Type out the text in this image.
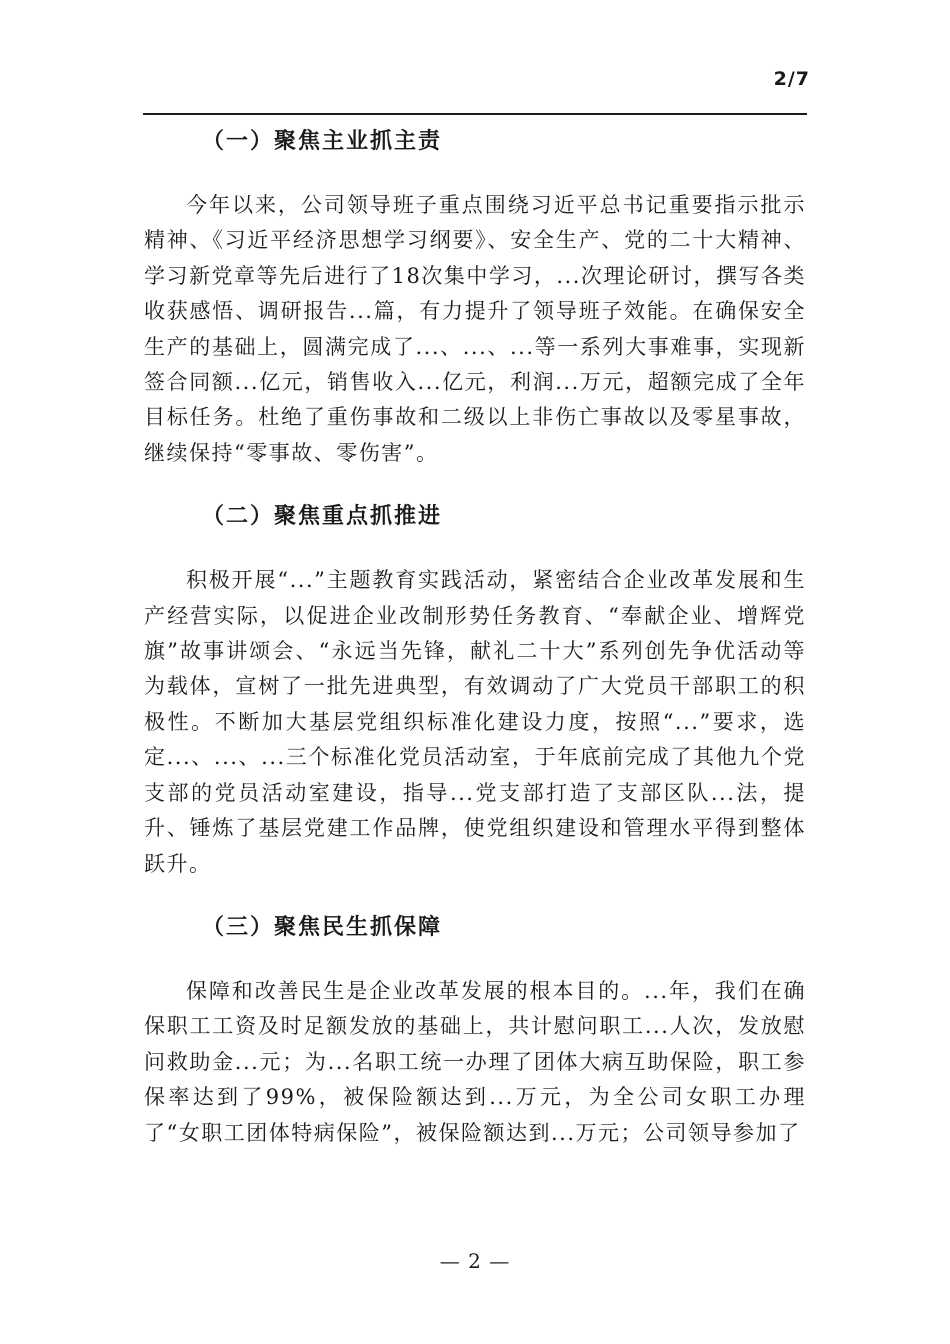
2/7
（一）聚焦主业抓主责

今年以来，公司领导班子重点围绕习近平总书记重要指示批示精神、《习近平经济思想学习纲要》、安全生产、党的二十大精神、学习新党章等先后进行了18次集中学习，...次理论研讨，撰写各类收获感悟、调研报告...篇，有力提升了领导班子效能。在确保安全生产的基础上，圆满完成了...、...、...等一系列大事难事，实现新签合同额...亿元，销售收入...亿元，利润...万元，超额完成了全年目标任务。杜绝了重伤事故和二级以上非伤亡事故以及零星事故，继续保持“零事故、零伤害”。

（二）聚焦重点抓推进

积极开展“...”主题教育实践活动，紧密结合企业改革发展和生产经营实际，以促进企业改制形势任务教育、“奉献企业、增辉党旗”故事讲颂会、“永远当先锋，献礼二十大”系列创先争优活动等为载体，宣树了一批先进典型，有效调动了广大党员干部职工的积极性。不断加大基层党组织标准化建设力度，按照“...”要求，选定...、...、...三个标准化党员活动室，于年底前完成了其他九个党支部的党员活动室建设，指导...党支部打造了支部区队...法，提升、锤炼了基层党建工作品牌，使党组织建设和管理水平得到整体跃升。

（三）聚焦民生抓保障

保障和改善民生是企业改革发展的根本目的。...年，我们在确保职工工资及时足额发放的基础上，共计慰问职工...人次，发放慰问救助金...元；为...名职工统一办理了团体大病互助保险，职工参保率达到了99%，被保险额达到...万元，为全公司女职工办理了“女职工团体特病保险”，被保险额达到...万元；公司领导参加了

— 2 —
